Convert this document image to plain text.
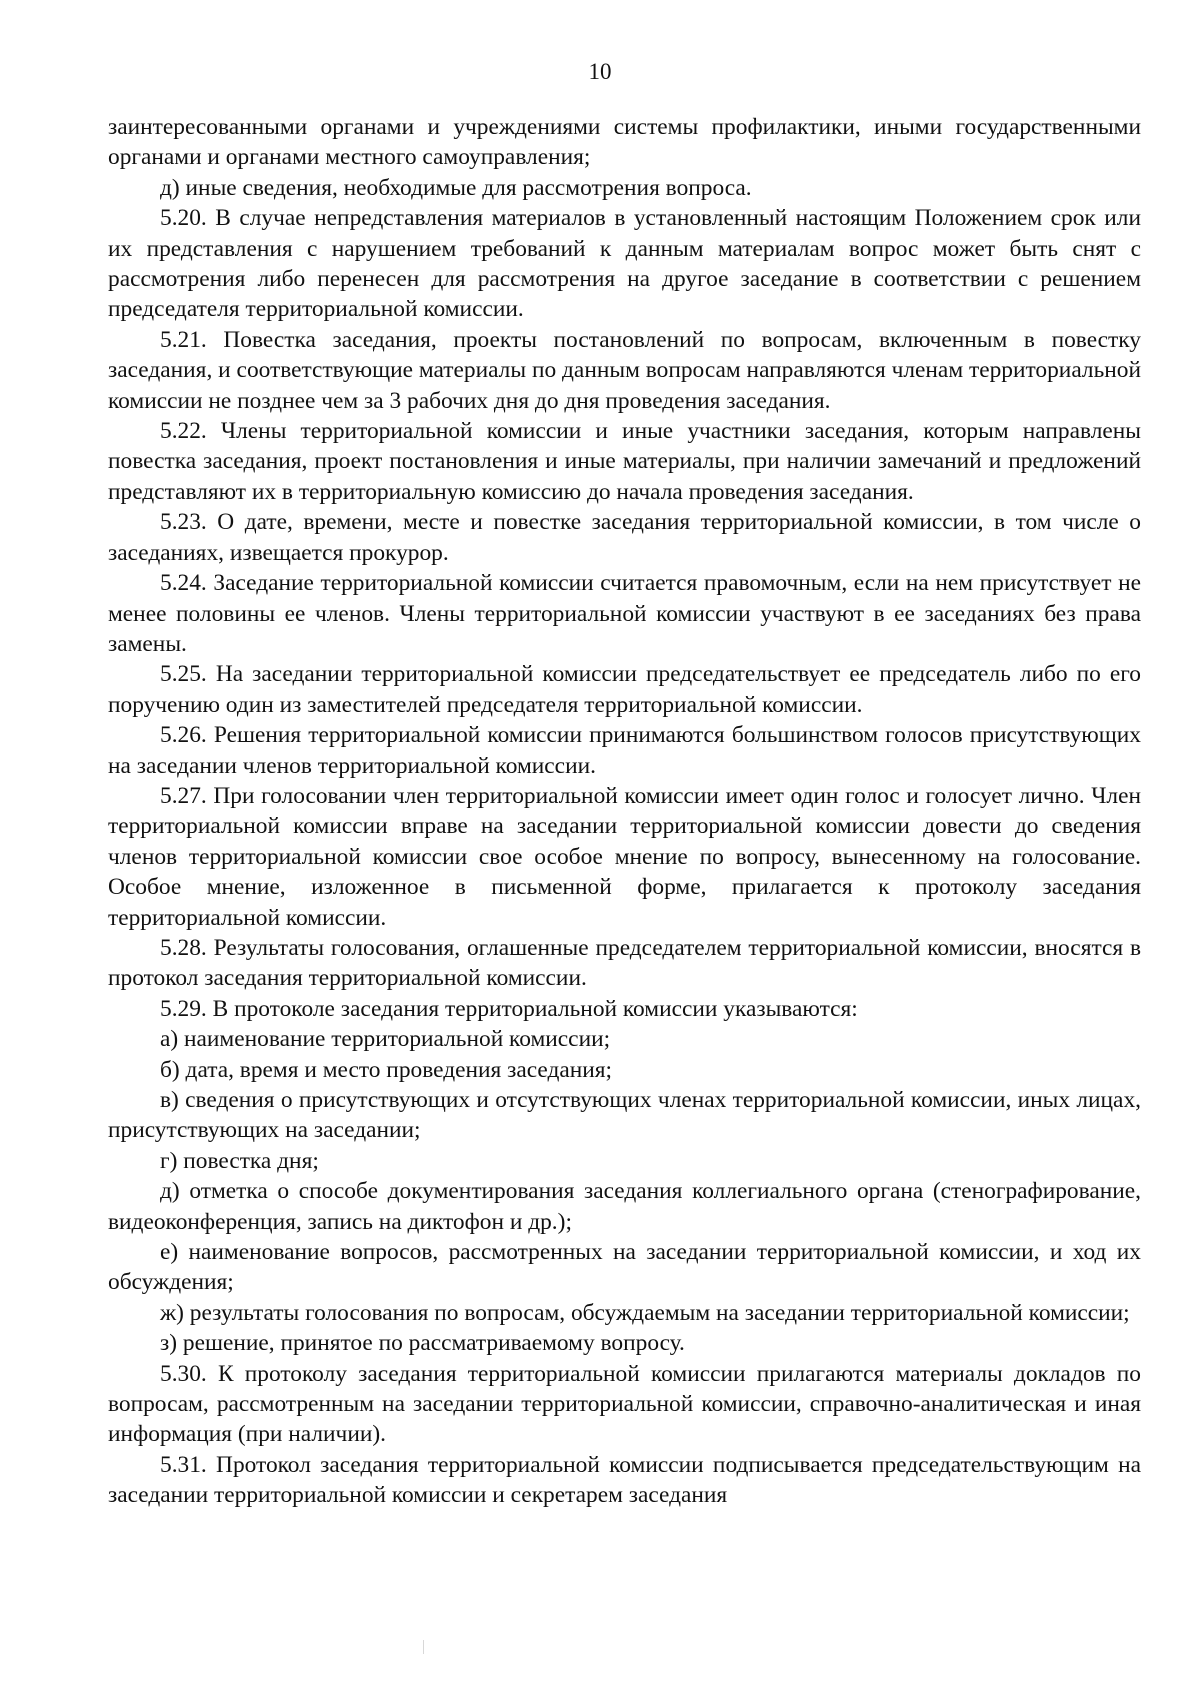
10

заинтересованными органами и учреждениями системы профилактики, иными государственными органами и органами местного самоуправления;

д) иные сведения, необходимые для рассмотрения вопроса.

5.20. В случае непредставления материалов в установленный настоящим Положением срок или их представления с нарушением требований к данным материалам вопрос может быть снят с рассмотрения либо перенесен для рассмотрения на другое заседание в соответствии с решением председателя территориальной комиссии.

5.21. Повестка заседания, проекты постановлений по вопросам, включенным в повестку заседания, и соответствующие материалы по данным вопросам направляются членам территориальной комиссии не позднее чем за 3 рабочих дня до дня проведения заседания.

5.22. Члены территориальной комиссии и иные участники заседания, которым направлены повестка заседания, проект постановления и иные материалы, при наличии замечаний и предложений представляют их в территориальную комиссию до начала проведения заседания.

5.23. О дате, времени, месте и повестке заседания территориальной комиссии, в том числе о заседаниях, извещается прокурор.

5.24. Заседание территориальной комиссии считается правомочным, если на нем присутствует не менее половины ее членов. Члены территориальной комиссии участвуют в ее заседаниях без права замены.

5.25. На заседании территориальной комиссии председательствует ее председатель либо по его поручению один из заместителей председателя территориальной комиссии.

5.26. Решения территориальной комиссии принимаются большинством голосов присутствующих на заседании членов территориальной комиссии.

5.27. При голосовании член территориальной комиссии имеет один голос и голосует лично. Член территориальной комиссии вправе на заседании территориальной комиссии довести до сведения членов территориальной комиссии свое особое мнение по вопросу, вынесенному на голосование. Особое мнение, изложенное в письменной форме, прилагается к протоколу заседания территориальной комиссии.

5.28. Результаты голосования, оглашенные председателем территориальной комиссии, вносятся в протокол заседания территориальной комиссии.

5.29. В протоколе заседания территориальной комиссии указываются:

а) наименование территориальной комиссии;

б) дата, время и место проведения заседания;

в) сведения о присутствующих и отсутствующих членах территориальной комиссии, иных лицах, присутствующих на заседании;

г) повестка дня;

д) отметка о способе документирования заседания коллегиального органа (стенографирование, видеоконференция, запись на диктофон и др.);

е) наименование вопросов, рассмотренных на заседании территориальной комиссии, и ход их обсуждения;

ж) результаты голосования по вопросам, обсуждаемым на заседании территориальной комиссии;

з) решение, принятое по рассматриваемому вопросу.

5.30. К протоколу заседания территориальной комиссии прилагаются материалы докладов по вопросам, рассмотренным на заседании территориальной комиссии, справочно-аналитическая и иная информация (при наличии).

5.31. Протокол заседания территориальной комиссии подписывается председательствующим на заседании территориальной комиссии и секретарем заседания
